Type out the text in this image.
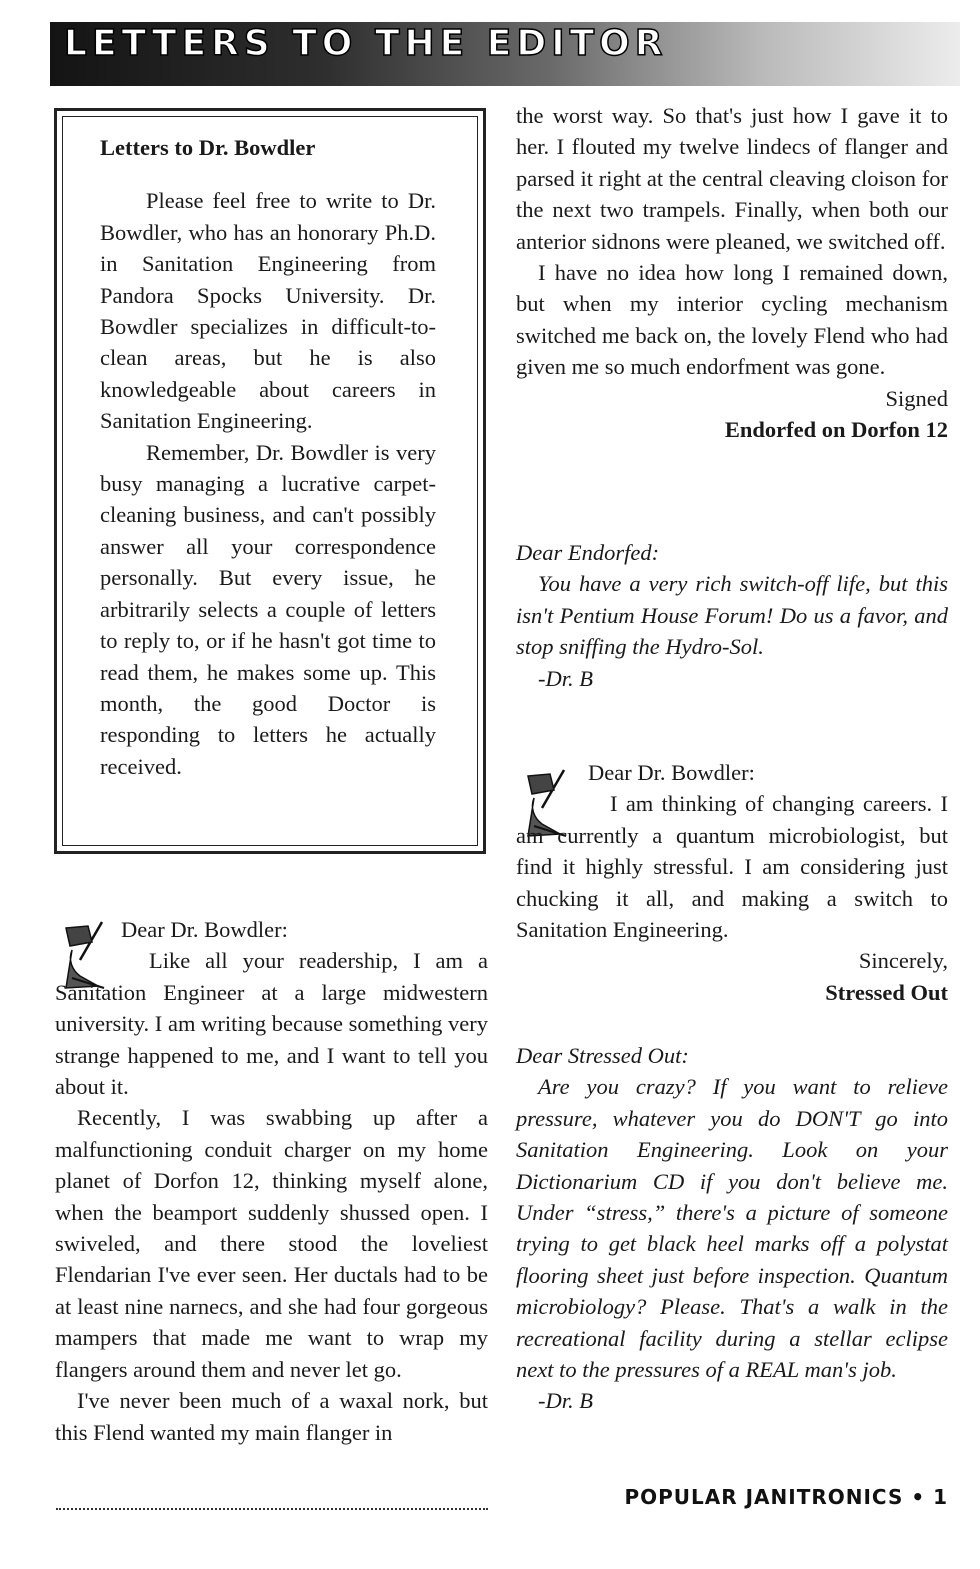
LETTERS TO THE EDITOR

Letters to Dr. Bowdler

Please feel free to write to Dr. Bowdler, who has an honorary Ph.D. in Sanitation Engineering from Pandora Spocks University. Dr. Bowdler specializes in difficult-to-clean areas, but he is also knowledgeable about careers in Sanitation Engineering.

Remember, Dr. Bowdler is very busy managing a lucrative carpet-cleaning business, and can't possibly answer all your correspondence personally. But every issue, he arbitrarily selects a couple of letters to reply to, or if he hasn't got time to read them, he makes some up. This month, the good Doctor is responding to letters he actually received.

Dear Dr. Bowdler:

Like all your readership, I am a Sanitation Engineer at a large midwestern university. I am writing because something very strange happened to me, and I want to tell you about it.

Recently, I was swabbing up after a malfunctioning conduit charger on my home planet of Dorfon 12, thinking myself alone, when the beamport suddenly shussed open. I swiveled, and there stood the loveliest Flendarian I've ever seen. Her ductals had to be at least nine narnecs, and she had four gorgeous mampers that made me want to wrap my flangers around them and never let go.

I've never been much of a waxal nork, but this Flend wanted my main flanger in

the worst way. So that's just how I gave it to her. I flouted my twelve lindecs of flanger and parsed it right at the central cleaving cloison for the next two trampels. Finally, when both our anterior sidnons were pleaned, we switched off.

I have no idea how long I remained down, but when my interior cycling mechanism switched me back on, the lovely Flend who had given me so much endorfment was gone.

Signed

Endorfed on Dorfon 12

Dear Endorfed:

You have a very rich switch-off life, but this isn't Pentium House Forum! Do us a favor, and stop sniffing the Hydro-Sol.

-Dr. B

Dear Dr. Bowdler:

I am thinking of changing careers. I am currently a quantum microbiologist, but find it highly stressful. I am considering just chucking it all, and making a switch to Sanitation Engineering.

Sincerely,

Stressed Out

Dear Stressed Out:

Are you crazy? If you want to relieve pressure, whatever you do DON'T go into Sanitation Engineering. Look on your Dictionarium CD if you don't believe me. Under “stress,” there's a picture of someone trying to get black heel marks off a polystat flooring sheet just before inspection. Quantum microbiology? Please. That's a walk in the recreational facility during a stellar eclipse next to the pressures of a REAL man's job.

-Dr. B

POPULAR JANITRONICS • 1
